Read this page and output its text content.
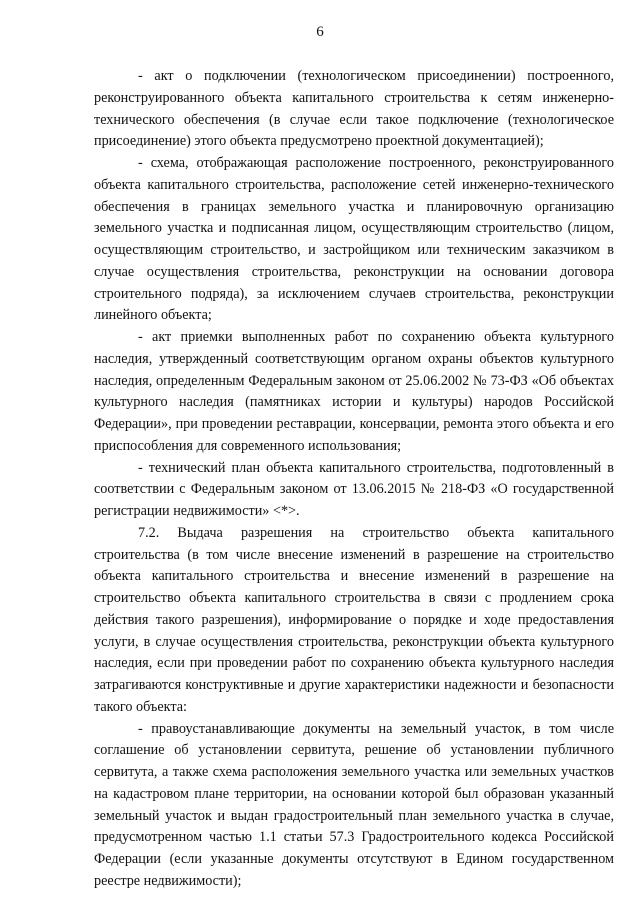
6

- акт о подключении (технологическом присоединении) построенного, реконструированного объекта капитального строительства к сетям инженерно-технического обеспечения (в случае если такое подключение (технологическое присоединение) этого объекта предусмотрено проектной документацией);

- схема, отображающая расположение построенного, реконструированного объекта капитального строительства, расположение сетей инженерно-технического обеспечения в границах земельного участка и планировочную организацию земельного участка и подписанная лицом, осуществляющим строительство (лицом, осуществляющим строительство, и застройщиком или техническим заказчиком в случае осуществления строительства, реконструкции на основании договора строительного подряда), за исключением случаев строительства, реконструкции линейного объекта;

- акт приемки выполненных работ по сохранению объекта культурного наследия, утвержденный соответствующим органом охраны объектов культурного наследия, определенным Федеральным законом от 25.06.2002 № 73-ФЗ «Об объектах культурного наследия (памятниках истории и культуры) народов Российской Федерации», при проведении реставрации, консервации, ремонта этого объекта и его приспособления для современного использования;

- технический план объекта капитального строительства, подготовленный в соответствии с Федеральным законом от 13.06.2015 № 218-ФЗ «О государственной регистрации недвижимости» <*>.

7.2. Выдача разрешения на строительство объекта капитального строительства (в том числе внесение изменений в разрешение на строительство объекта капитального строительства и внесение изменений в разрешение на строительство объекта капитального строительства в связи с продлением срока действия такого разрешения), информирование о порядке и ходе предоставления услуги, в случае осуществления строительства, реконструкции объекта культурного наследия, если при проведении работ по сохранению объекта культурного наследия затрагиваются конструктивные и другие характеристики надежности и безопасности такого объекта:

- правоустанавливающие документы на земельный участок, в том числе соглашение об установлении сервитута, решение об установлении публичного сервитута, а также схема расположения земельного участка или земельных участков на кадастровом плане территории, на основании которой был образован указанный земельный участок и выдан градостроительный план земельного участка в случае, предусмотренном частью 1.1 статьи 57.3 Градостроительного кодекса Российской Федерации (если указанные документы отсутствуют в Едином государственном реестре недвижимости);
